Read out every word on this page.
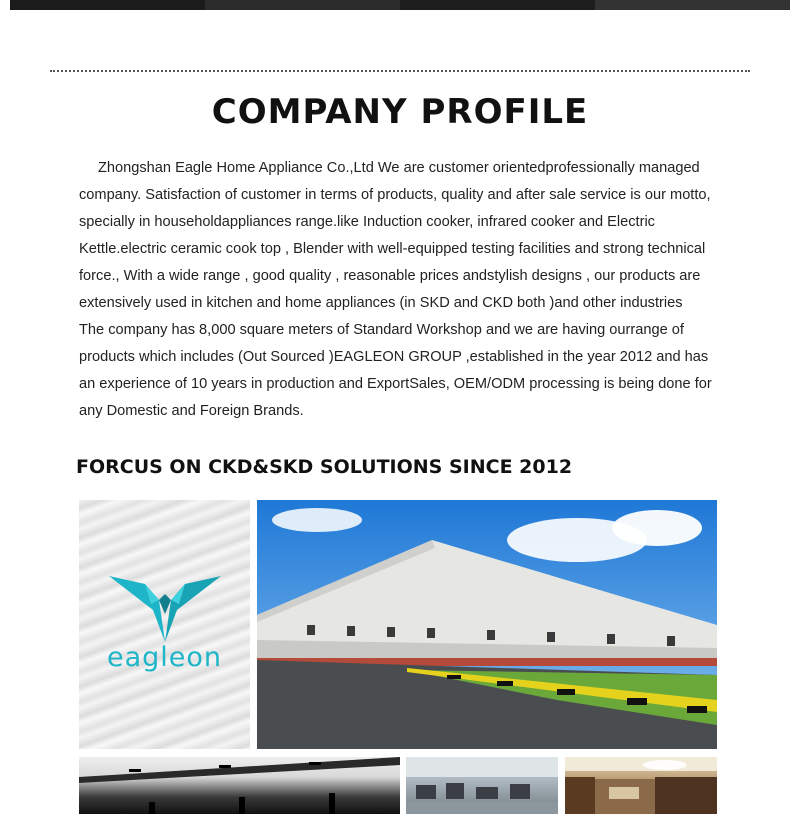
COMPANY PROFILE
Zhongshan Eagle Home Appliance Co.,Ltd We are customer orientedprofessionally managed company. Satisfaction of customer in terms of products, quality and after sale service is our motto, specially in householdappliances range.like Induction cooker, infrared cooker and Electric Kettle.electric ceramic cook top , Blender with well-equipped testing facilities and strong technical force., With a wide range , good quality , reasonable prices andstylish designs , our products are extensively used in kitchen and home appliances (in SKD and CKD both )and other industries
The company has 8,000 square meters of Standard Workshop and we are having ourrange of products which includes (Out Sourced )EAGLEON GROUP ,established in the year 2012 and has an experience of 10 years in production and ExportSales, OEM/ODM processing is being done for any Domestic and Foreign Brands.
FORCUS ON CKD&SKD SOLUTIONS SINCE 2012
eagleon
